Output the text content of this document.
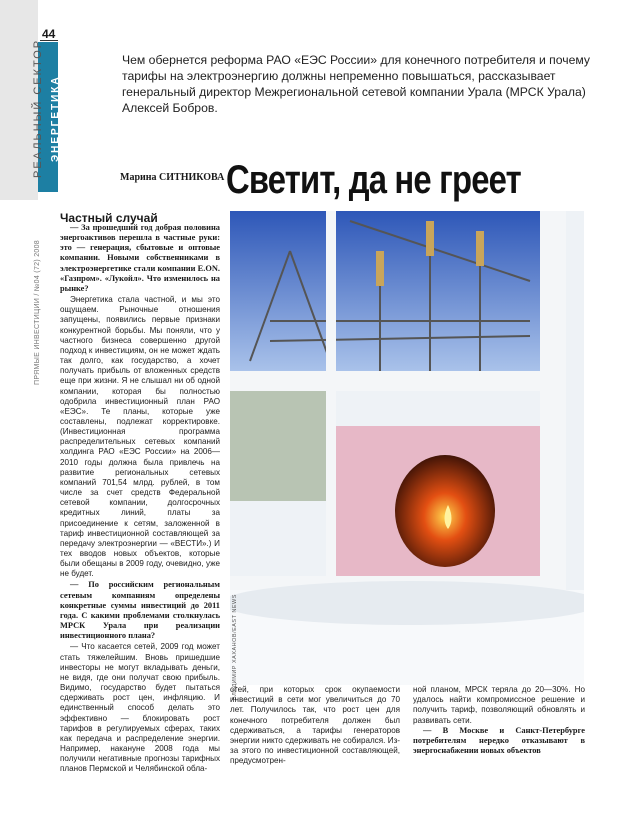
44
РЕАЛЬНЫЙ СЕКТОР ЭНЕРГЕТИКА
ПРЯМЫЕ ИНВЕСТИЦИИ / №04 (72) 2008
Чем обернется реформа РАО «ЕЭС России» для конечного потребителя и почему тарифы на электроэнергию должны непременно повышаться, рассказывает генеральный директор Межрегиональной сетевой компании Урала (МРСК Урала) Алексей Бобров.
Марина СИТНИКОВА Светит, да не греет
Частный случай

— За прошедший год добрая половина энергоактивов перешла в частные руки: это — генерация, сбытовые и оптовые компании. Новыми собственниками в электроэнергетике стали компании E.ON. «Газпром». «Лукойл». Что изменилось на рынке?

Энергетика стала частной, и мы это ощущаем. Рыночные отношения запущены, появились первые признаки конкурентной борьбы. Мы поняли, что у частного бизнеса совершенно другой подход к инвестициям, он не может ждать так долго, как государство, а хочет получать прибыль от вложенных средств еще при жизни. Я не слышал ни об одной компании, которая бы полностью одобрила инвестиционный план РАО «ЕЭС». Те планы, которые уже составлены, подлежат корректировке. (Инвестиционная программа распределительных сетевых компаний холдинга РАО «ЕЭС России» на 2006—2010 годы должна была привлечь на развитие региональных сетевых компаний 701,54 млрд. рублей, в том числе за счет средств Федеральной сетевой компании, долгосрочных кредитных линий, платы за присоединение к сетям, заложенной в тариф инвестиционной составляющей за передачу электроэнергии — «ВЕСТИ».) И тех вводов новых объектов, которые были обещаны в 2009 году, очевидно, уже не будет.

— По российским региональным сетевым компаниям определены конкретные суммы инвестиций до 2011 года. С какими проблемами столкнулась МРСК Урала при реализации инвестиционного плана?

— Что касается сетей, 2009 год может стать тяжелейшим. Вновь пришедшие инвесторы не могут вкладывать деньги, не видя, где они получат свою прибыль. Видимо, государство будет пытаться сдерживать рост цен, инфляцию. И единственный способ делать это эффективно — блокировать рост тарифов в регулируемых сферах, таких как передача и распределение энергии. Например, накануне 2008 года мы получили негативные прогнозы тарифных планов Пермской и Челябинской обла-

ВЛАДИМИР ХАХАНОВ/EAST NEWS

стей, при которых срок окупаемости инвестиций в сети мог увеличиться до 70 лет. Получилось так, что рост цен для конечного потребителя должен был сдерживаться, а тарифы генераторов энергии никто сдерживать не собирался. Из-за этого по инвестиционной составляющей, предусмотрен-

ной планом, МРСК теряла до 20—30%. Но удалось найти компромиссное решение и получить тариф, позволяющий обновлять и развивать сети.

— В Москве и Санкт-Петербурге потребителям нередко отказывают в энергоснабжении новых объектов
